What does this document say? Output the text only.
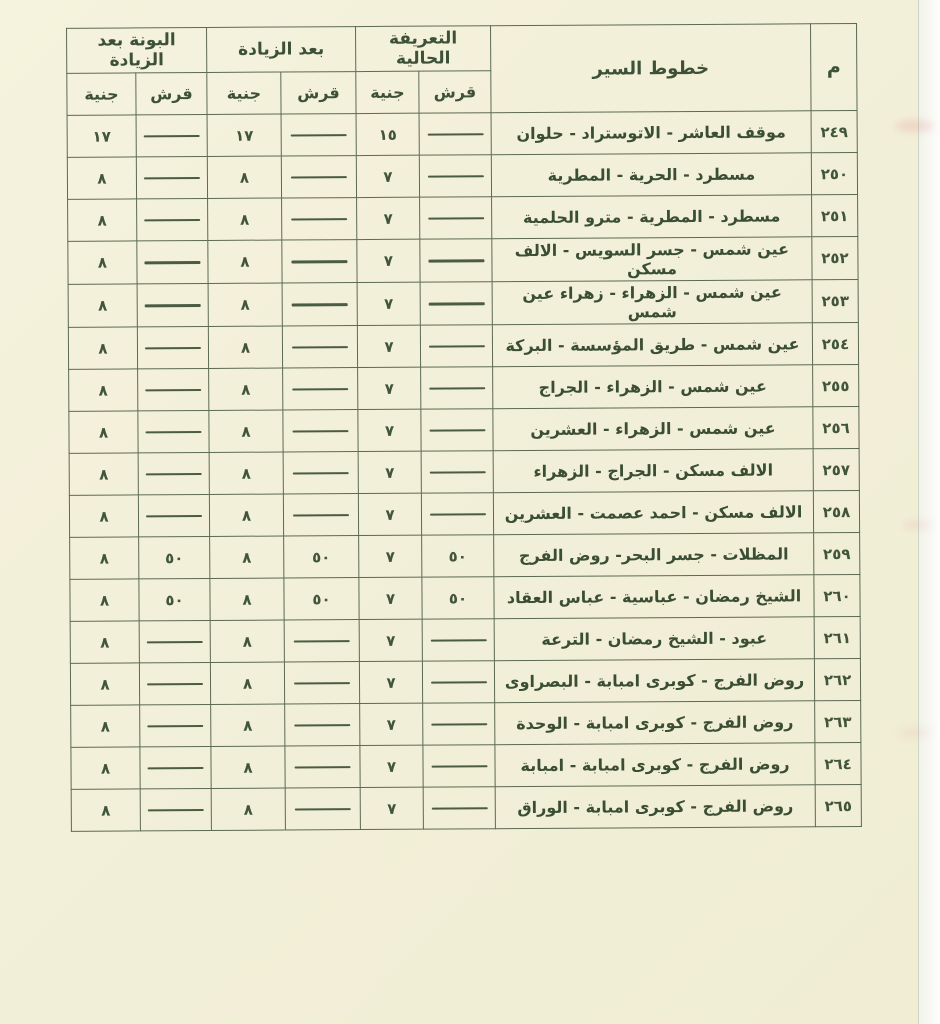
م	خطوط السير	التعريفة الحالية		بعد الزيادة		البونة بعد الزيادة	
		قرش	جنية	قرش	جنية	قرش	جنية
٢٤٩	موقف العاشر - الاتوستراد - حلوان		١٥		١٧		١٧
٢٥٠	مسطرد - الحرية - المطرية		٧		٨		٨
٢٥١	مسطرد - المطرية - مترو الحلمية		٧		٨		٨
٢٥٢	عين شمس - جسر السويس - الالف مسكن		٧		٨		٨
٢٥٣	عين شمس - الزهراء - زهراء عين شمس		٧		٨		٨
٢٥٤	عين شمس - طريق المؤسسة - البركة		٧		٨		٨
٢٥٥	عين شمس - الزهراء - الجراج		٧		٨		٨
٢٥٦	عين شمس - الزهراء - العشرين		٧		٨		٨
٢٥٧	الالف مسكن - الجراج - الزهراء		٧		٨		٨
٢٥٨	الالف مسكن - احمد عصمت - العشرين		٧		٨		٨
٢٥٩	المظلات - جسر البحر- روض الفرج	٥٠	٧	٥٠	٨	٥٠	٨
٢٦٠	الشيخ رمضان - عباسية - عباس العقاد	٥٠	٧	٥٠	٨	٥٠	٨
٢٦١	عبود - الشيخ رمضان - الترعة		٧		٨		٨
٢٦٢	روض الفرج - كوبرى امبابة - البصراوى		٧		٨		٨
٢٦٣	روض الفرج - كوبرى امبابة - الوحدة		٧		٨		٨
٢٦٤	روض الفرج - كوبرى امبابة - امبابة		٧		٨		٨
٢٦٥	روض الفرج - كوبرى امبابة - الوراق		٧		٨		٨
